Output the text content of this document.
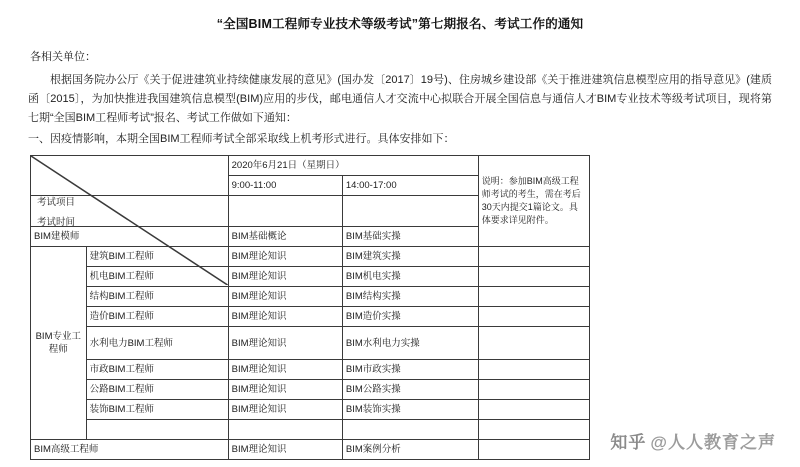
“全国BIM工程师专业技术等级考试”第七期报名、考试工作的通知
各相关单位：
根据国务院办公厅《关于促进建筑业持续健康发展的意见》(国办发〔2017〕19号)、住房城乡建设部《关于推进建筑信息模型应用的指导意见》(建质函〔2015〕，为加快推进我国建筑信息模型(BIM)应用的步伐，邮电通信人才交流中心拟联合开展全国信息与通信人才BIM专业技术等级考试项目，现将第七期“全国BIM工程师考试”报名、考试工作做如下通知：
一、因疫情影响，本期全国BIM工程师考试全部采取线上机考形式进行。具体安排如下：
考试项目
考试时间		2020年6月21日（星期日）		说明：参加BIM高级工程师考试的考生，需在考后30天内提交1篇论文。具体要求详见附件。
		9:00-11:00	14:00-17:00	

BIM建模师		BIM基础概论	BIM基础实操	
BIM专业工程师	建筑BIM工程师	BIM理论知识	BIM建筑实操	
	机电BIM工程师	BIM理论知识	BIM机电实操	
	结构BIM工程师	BIM理论知识	BIM结构实操	
	造价BIM工程师	BIM理论知识	BIM造价实操	
	水利电力BIM工程师	BIM理论知识	BIM水利电力实操	
	市政BIM工程师	BIM理论知识	BIM市政实操	
	公路BIM工程师	BIM理论知识	BIM公路实操	
	装饰BIM工程师	BIM理论知识	BIM装饰实操	

BIM高级工程师		BIM理论知识	BIM案例分析		知乎 @人人教育之声
